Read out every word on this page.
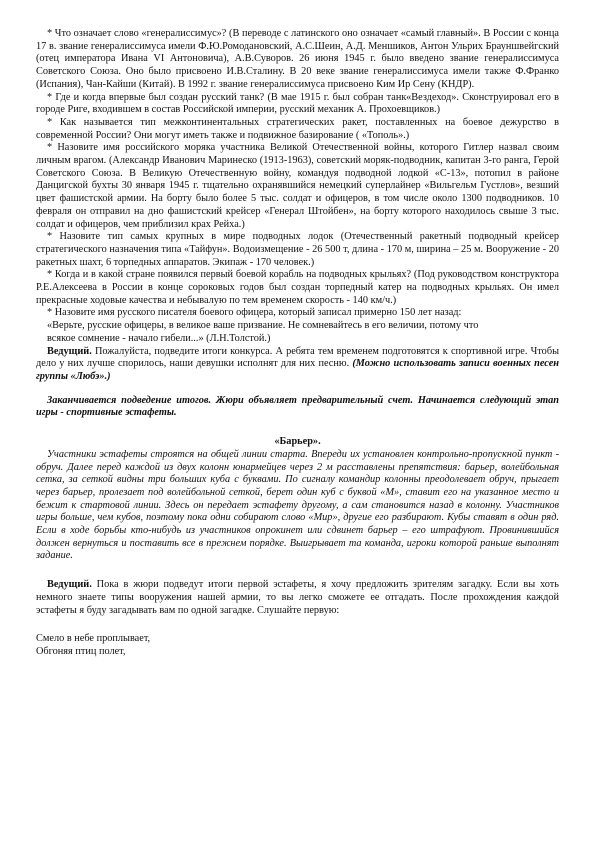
* Что означает слово «генералиссимус»? (В переводе с латинского оно означает «самый главный». В России с конца 17 в. звание генералиссимуса имели Ф.Ю.Ромодановский, А.С.Шеин, А.Д. Меншиков, Антон Ульрих Брауншвейгский (отец императора Ивана VI Антоновича), А.В.Суворов. 26 июня 1945 г. было введено звание генералиссимуса Советского Союза. Оно было присвоено И.В.Сталину. В 20 веке звание генералиссимуса имели также Ф.Франко (Испания), Чан-Кайши (Китай). В 1992 г. звание генералиссимуса присвоено Ким Ир Сену (КНДР).

* Где и когда впервые был создан русский танк? (В мае 1915 г. был собран танк«Вездеход». Сконструировал его в городе Риге, входившем в состав Российской империи, русский механик А. Прохоевщиков.)

* Как называется тип межконтинентальных стратегических ракет, поставленных на боевое дежурство в современной России? Они могут иметь также и подвижное базирование ( «Тополь».)

* Назовите имя российского моряка участника Великой Отечественной войны, которого Гитлер назвал своим личным врагом. (Александр Иванович Маринеско (1913-1963), советский моряк-подводник, капитан 3-го ранга, Герой Советского Союза. В Великую Отечественную войну, командуя подводной лодкой «С-13», потопил в районе Данцигской бухты 30 января 1945 г. тщательно охранявшийся немецкий суперлайнер «Вильгельм Густлов», везший цвет фашистской армии. На борту было более 5 тыс. солдат и офицеров, в том числе около 1300 подводников. 10 февраля он отправил на дно фашистский крейсер «Генерал Штойбен», на борту которого находилось свыше 3 тыс. солдат и офицеров, чем приблизил крах Рейха.)

* Назовите тип самых крупных в мире подводных лодок (Отечественный ракетный подводный крейсер стратегического назначения типа «Тайфун». Водоизмещение - 26 500 т, длина - 170 м, ширина – 25 м. Вооружение - 20 ракетных шахт, 6 торпедных аппаратов. Экипаж - 170 человек.)

* Когда и в какой стране появился первый боевой корабль на подводных крыльях? (Под руководством конструктора Р.Е.Алексеева в России в конце сороковых годов был создан торпедный катер на подводных крыльях. Он имел прекрасные ходовые качества и небывалую по тем временем скорость - 140 км/ч.)

* Назовите имя русского писателя боевого офицера, который записал примерно 150 лет назад:

«Верьте, русские офицеры, в великое ваше призвание. Не сомневайтесь в его величии, потому что

всякое сомнение - начало гибели...» (Л.Н.Толстой.)

Ведущий. Пожалуйста, подведите итоги конкурса. А ребята тем временем подготовятся к спортивной игре. Чтобы дело у них лучше спорилось, наши девушки исполнят для них песню. (Можно использовать записи военных песен группы «Любэ».)

Заканчивается подведение итогов. Жюри объявляет предварительный счет. Начинается следующий этап игры - спортивные эстафеты.

«Барьер».

Участники эстафеты строятся на общей линии старта. Впереди их установлен контрольно-пропускной пункт - обруч. Далее перед каждой из двух колонн юнармейцев через 2 м расставлены препятствия: барьер, волейбольная сетка, за сеткой видны три больших куба с буквами. По сигналу командир колонны преодолевает обруч, прыгает через барьер, пролезает под волейбольной сеткой, берет один куб с буквой «М», ставит его на указанное место и бежит к стартовой линии. Здесь он передает эстафету другому, а сам становится назад в колонну. Участников игры больше, чем кубов, поэтому пока одни собирают слово «Мир», другие его разбирают. Кубы ставят в один ряд. Если в ходе борьбы кто-нибудь из участников опрокинет или сдвинет барьер – его штрафуют. Провинившийся должен вернуться и поставить все в прежнем порядке. Выигрывает та команда, игроки которой раньше выполнят задание.

Ведущий. Пока в жюри подведут итоги первой эстафеты, я хочу предложить зрителям загадку. Если вы хоть немного знаете типы вооружения нашей армии, то вы легко сможете ее отгадать. После прохождения каждой эстафеты я буду загадывать вам по одной загадке. Слушайте первую:

Смело в небе проплывает,

Обгоняя птиц полет,
